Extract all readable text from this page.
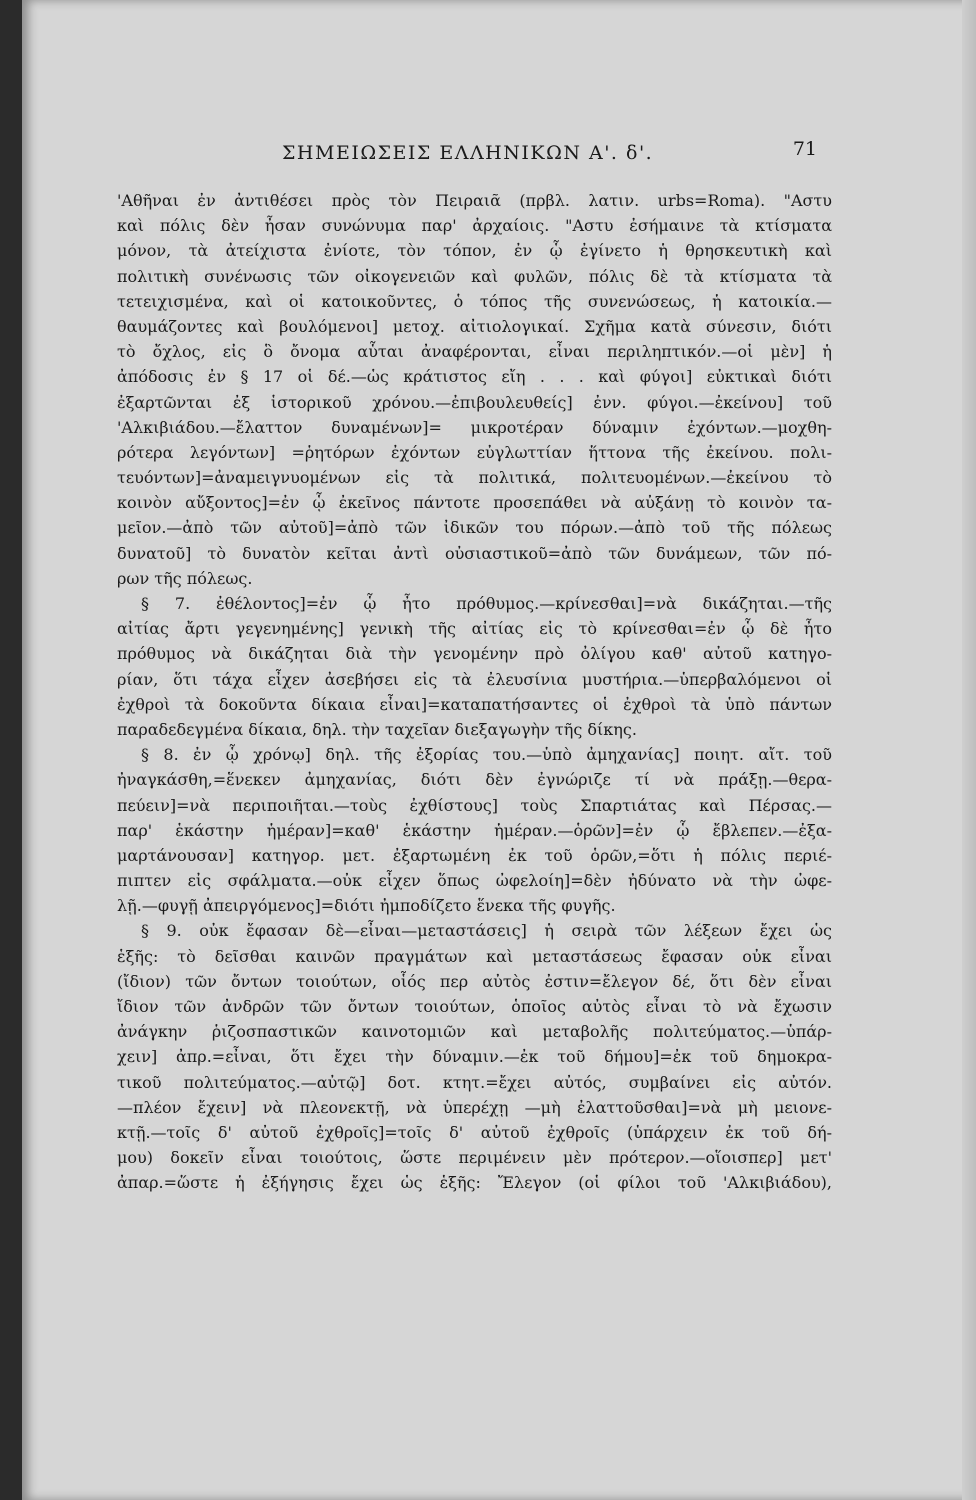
ΣΗΜΕΙΩΣΕΙΣ ΕΛΛΗΝΙΚΩΝ Α'. δ'.	71
'Αθῆναι ἐν ἀντιθέσει πρὸς τὸν Πειραιᾶ (πρβλ. λατιν. urbs=Roma). "Αστυ
καὶ πόλις δὲν ἦσαν συνώνυμα παρ' ἀρχαίοις. "Αστυ ἐσήμαινε τὰ κτίσματα
μόνον, τὰ ἀτείχιστα ἐνίοτε, τὸν τόπον, ἐν ᾧ ἐγίνετο ἡ θρησκευτικὴ καὶ
πολιτικὴ συνένωσις τῶν οἰκογενειῶν καὶ φυλῶν, πόλις δὲ τὰ κτίσματα τὰ
τετειχισμένα, καὶ οἱ κατοικοῦντες, ὁ τόπος τῆς συνενώσεως, ἡ κατοικία.—
θαυμάζοντες καὶ βουλόμενοι] μετοχ. αἰτιολογικαί. Σχῆμα κατὰ σύνεσιν, διότι
τὸ ὄχλος, εἰς ὃ ὄνομα αὗται ἀναφέρονται, εἶναι περιληπτικόν.—οἱ μὲν] ἡ
ἀπόδοσις ἐν § 17 οἱ δέ.—ὡς κράτιστος εἴη . . . καὶ φύγοι] εὐκτικαὶ διότι
ἐξαρτῶνται ἐξ ἱστορικοῦ χρόνου.—ἐπιβουλευθείς] ἐνν. φύγοι.—ἐκείνου] τοῦ
'Αλκιβιάδου.—ἔλαττον δυναμένων]= μικροτέραν δύναμιν ἐχόντων.—μοχθη-
ρότερα λεγόντων] =ῥητόρων ἐχόντων εὐγλωττίαν ἥττονα τῆς ἐκείνου. πολι-
τευόντων]=ἀναμειγνυομένων εἰς τὰ πολιτικά, πολιτευομένων.—ἐκείνου τὸ
κοινὸν αὔξοντος]=ἐν ᾧ ἐκεῖνος πάντοτε προσεπάθει νὰ αὐξάνῃ τὸ κοινὸν τα-
μεῖον.—ἀπὸ τῶν αὐτοῦ]=ἀπὸ τῶν ἰδικῶν του πόρων.—ἀπὸ τοῦ τῆς πόλεως
δυνατοῦ] τὸ δυνατὸν κεῖται ἀντὶ οὐσιαστικοῦ=ἀπὸ τῶν δυνάμεων, τῶν πό-
ρων τῆς πόλεως.
§ 7. ἐθέλοντος]=ἐν ᾧ ἦτο πρόθυμος.—κρίνεσθαι]=νὰ δικάζηται.—τῆς
αἰτίας ἄρτι γεγενημένης] γενικὴ τῆς αἰτίας εἰς τὸ κρίνεσθαι=ἐν ᾧ δὲ ἦτο
πρόθυμος νὰ δικάζηται διὰ τὴν γενομένην πρὸ ὀλίγου καθ' αὐτοῦ κατηγο-
ρίαν, ὅτι τάχα εἶχεν ἀσεβήσει εἰς τὰ ἐλευσίνια μυστήρια.—ὑπερβαλόμενοι οἱ
ἐχθροὶ τὰ δοκοῦντα δίκαια εἶναι]=καταπατήσαντες οἱ ἐχθροὶ τὰ ὑπὸ πάντων
παραδεδεγμένα δίκαια, δηλ. τὴν ταχεῖαν διεξαγωγὴν τῆς δίκης.
§ 8. ἐν ᾧ χρόνῳ] δηλ. τῆς ἐξορίας του.—ὑπὸ ἀμηχανίας] ποιητ. αἴτ. τοῦ
ἠναγκάσθη,=ἕνεκεν ἀμηχανίας, διότι δὲν ἐγνώριζε τί νὰ πράξῃ.—θερα-
πεύειν]=νὰ περιποιῆται.—τοὺς ἐχθίστους] τοὺς Σπαρτιάτας καὶ Πέρσας.—
παρ' ἑκάστην ἡμέραν]=καθ' ἑκάστην ἡμέραν.—ὁρῶν]=ἐν ᾧ ἔβλεπεν.—ἐξα-
μαρτάνουσαν] κατηγορ. μετ. ἐξαρτωμένη ἐκ τοῦ ὁρῶν,=ὅτι ἡ πόλις περιέ-
πιπτεν εἰς σφάλματα.—οὐκ εἶχεν ὅπως ὠφελοίη]=δὲν ἠδύνατο νὰ τὴν ὠφε-
λῇ.—φυγῇ ἀπειργόμενος]=διότι ἠμποδίζετο ἕνεκα τῆς φυγῆς.
§ 9. οὐκ ἔφασαν δὲ—εἶναι—μεταστάσεις] ἡ σειρὰ τῶν λέξεων ἔχει ὡς
ἑξῆς: τὸ δεῖσθαι καινῶν πραγμάτων καὶ μεταστάσεως ἔφασαν οὐκ εἶναι
(ἴδιον) τῶν ὄντων τοιούτων, οἷός περ αὐτὸς ἐστιν=ἔλεγον δέ, ὅτι δὲν εἶναι
ἴδιον τῶν ἀνδρῶν τῶν ὄντων τοιούτων, ὁποῖος αὐτὸς εἶναι τὸ νὰ ἔχωσιν
ἀνάγκην ῥιζοσπαστικῶν καινοτομιῶν καὶ μεταβολῆς πολιτεύματος.—ὑπάρ-
χειν] ἀπρ.=εἶναι, ὅτι ἔχει τὴν δύναμιν.—ἐκ τοῦ δήμου]=ἐκ τοῦ δημοκρα-
τικοῦ πολιτεύματος.—αὐτῷ] δοτ. κτητ.=ἔχει αὐτός, συμβαίνει εἰς αὐτόν.
—πλέον ἔχειν] νὰ πλεονεκτῇ, νὰ ὑπερέχῃ —μὴ ἐλαττοῦσθαι]=νὰ μὴ μειονε-
κτῇ.—τοῖς δ' αὐτοῦ ἐχθροῖς]=τοῖς δ' αὐτοῦ ἐχθροῖς (ὑπάρχειν ἐκ τοῦ δή-
μου) δοκεῖν εἶναι τοιούτοις, ὥστε περιμένειν μὲν πρότερον.—οἵοισπερ] μετ'
ἀπαρ.=ὥστε ἡ ἐξήγησις ἔχει ὡς ἑξῆς: Ἔλεγον (οἱ φίλοι τοῦ 'Αλκιβιάδου),
